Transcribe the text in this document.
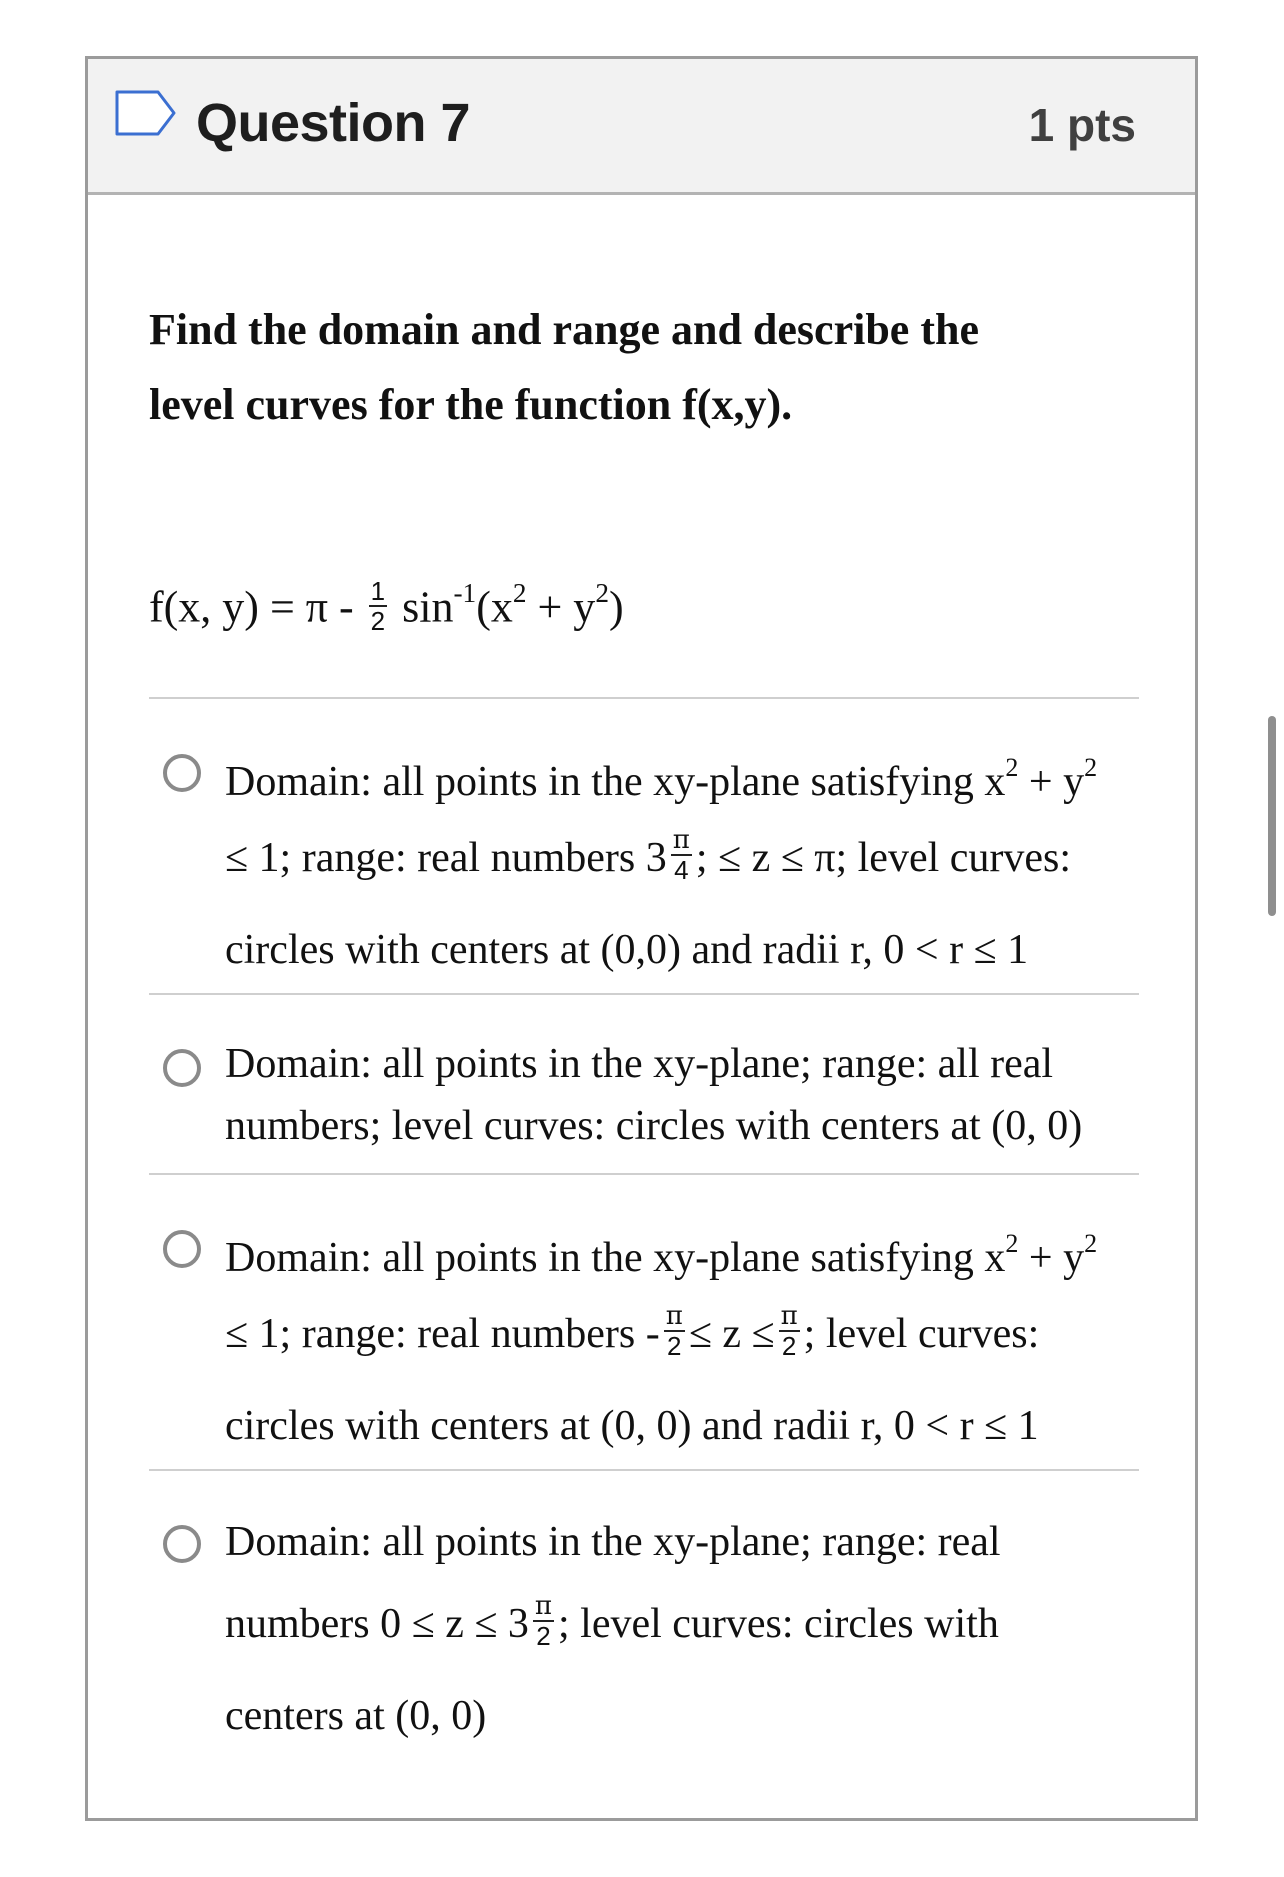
Question 7	1 pts
Find the domain and range and describe the
level curves for the function f(x,y).
f(x, $y) = \pi - \frac{1}{2} \sin^{-1}(x^2 + y^2)$
Domain: all points in the xy-plane satisfying $x^2 + y^2$
≤ 1; range: real numbers $3 \frac{\pi}{4}$ ; ≤ z ≤ π; level curves:
circles with centers at (0,0) and radii r, 0 < r ≤ 1
Domain: all points in the xy-plane; range: all real
numbers; level curves: circles with centers at (0, 0)
Domain: all points in the xy-plane satisfying $x^2 + y^2$
≤ 1; range: real numbers - $\frac{\pi}{2} \le z \le \frac{\pi}{2}$ ; level curves:
circles with centers at (0, 0) and radii r, 0 < r ≤ 1
Domain: all points in the xy-plane; range: real
numbers $0 \le z \le 3 \frac{\pi}{2}$ ; level curves: circles with
centers at (0, 0)
